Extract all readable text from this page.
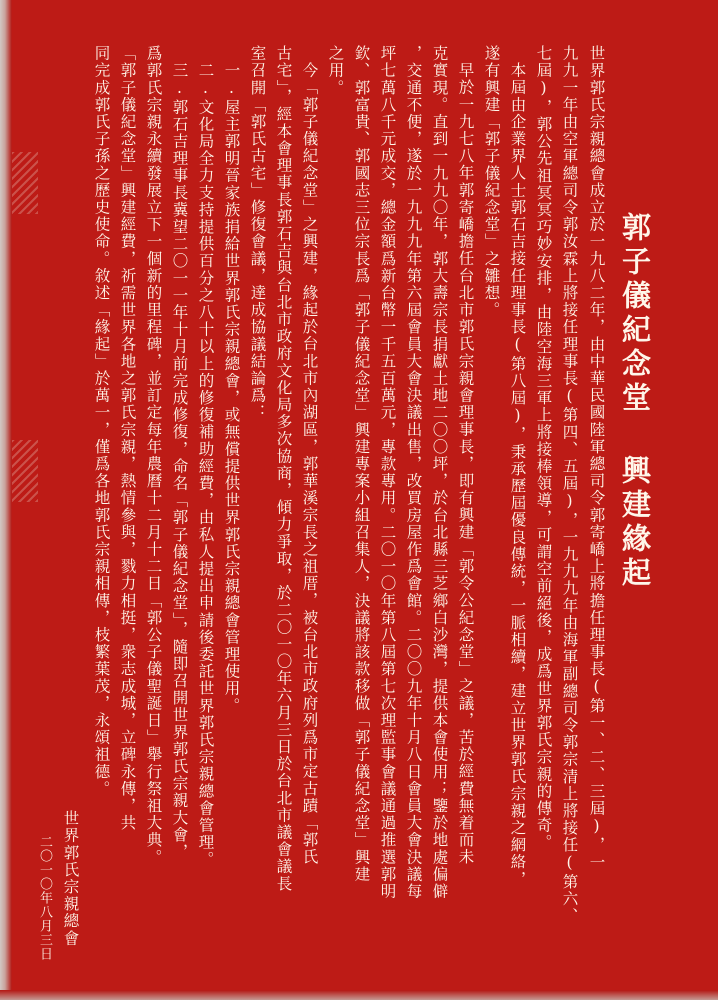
郭子儀紀念堂 興建緣起
世界郭氏宗親總會成立於一九八二年，由中華民國陸軍總司令郭寄嶠上將擔任理事長(第一、二、三屆)，一
九九一年由空軍總司令郭汝霖上將接任理事長(第四、五屆)，一九九九年由海軍副總司令郭宗清上將接任(第六、
七屆)，郭公先祖冥冥巧妙安排，由陸空海三軍上將接棒領導，可謂空前絕後，成爲世界郭氏宗親的傳奇。
本屆由企業界人士郭石吉接任理事長(第八屆)，秉承歷屆優良傳統，一脈相續，建立世界郭氏宗親之網絡，
遂有興建「郭子儀紀念堂」之雛想。
早於一九七八年郭寄嶠擔任台北市郭氏宗親會理事長，即有興建「郭令公紀念堂」之議，苦於經費無着而未
克實現。直到一九九〇年，郭大壽宗長捐獻土地二〇〇坪，於台北縣三芝鄉白沙灣，提供本會使用；鑒於地處偏僻
，交通不便，遂於一九九九年第六屆會員大會決議出售，改買房屋作爲會館。二〇〇九年十月八日會員大會決議每
坪七萬八千元成交，總金額爲新台幣一千五百萬元，專款專用。二〇一〇年第八屆第七次理監事會議通過推選郭明
欽、郭富貴、郭國志三位宗長爲「郭子儀紀念堂」興建專案小組召集人，決議將該款移做「郭子儀紀念堂」興建
之用。
今「郭子儀紀念堂」之興建，緣起於台北市內湖區，郭華溪宗長之祖厝，被台北市政府列爲市定古蹟「郭氏
古宅」，經本會理事長郭石吉與台北市政府文化局多次協商，傾力爭取，於二〇一〇年六月三日於台北市議會議長
室召開「郭氏古宅」修復會議，達成協議結論爲：
一.屋主郭明晉家族捐給世界郭氏宗親總會，或無償提供世界郭氏宗親總會管理使用。
二.文化局全力支持提供百分之八十以上的修復補助經費，由私人提出申請後委託世界郭氏宗親總會管理。
三.郭石吉理事長冀望二〇一一年十月前完成修復，命名「郭子儀紀念堂」，隨即召開世界郭氏宗親大會，
爲郭氏宗親永續發展立下一個新的里程碑，並訂定每年農曆十二月十二日「郭公子儀聖誕日」舉行祭祖大典。
「郭子儀紀念堂」興建經費，祈需世界各地之郭氏宗親，熱情參與，戮力相挺，衆志成城，立碑永傳，共
同完成郭氏子孫之歷史使命。敘述「緣起」於萬一，僅爲各地郭氏宗親相傳，枝繁葉茂，永頌祖德。
世界郭氏宗親總會
二〇一〇年八月三日
